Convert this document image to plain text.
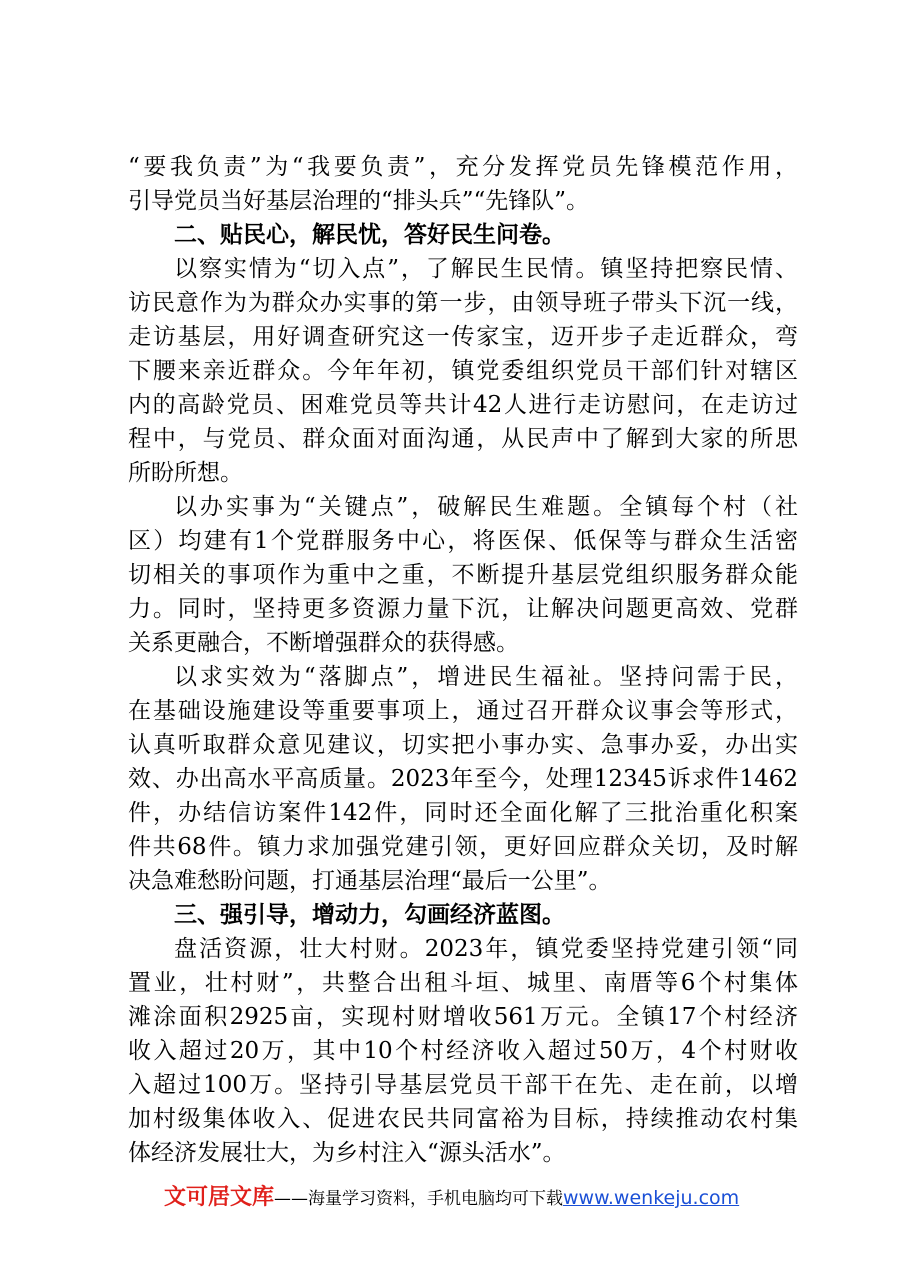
“要我负责”为“我要负责”，充分发挥党员先锋模范作用，
引导党员当好基层治理的“排头兵”“先锋队”。
二、贴民心，解民忧，答好民生问卷。
以察实情为“切入点”，了解民生民情。镇坚持把察民情、
访民意作为为群众办实事的第一步，由领导班子带头下沉一线，
走访基层，用好调查研究这一传家宝，迈开步子走近群众，弯
下腰来亲近群众。今年年初，镇党委组织党员干部们针对辖区
内的高龄党员、困难党员等共计42人进行走访慰问，在走访过
程中，与党员、群众面对面沟通，从民声中了解到大家的所思
所盼所想。
以办实事为“关键点”，破解民生难题。全镇每个村（社
区）均建有1个党群服务中心，将医保、低保等与群众生活密
切相关的事项作为重中之重，不断提升基层党组织服务群众能
力。同时，坚持更多资源力量下沉，让解决问题更高效、党群
关系更融合，不断增强群众的获得感。
以求实效为“落脚点”，增进民生福祉。坚持问需于民，
在基础设施建设等重要事项上，通过召开群众议事会等形式，
认真听取群众意见建议，切实把小事办实、急事办妥，办出实
效、办出高水平高质量。2023年至今，处理12345诉求件1462
件，办结信访案件142件，同时还全面化解了三批治重化积案
件共68件。镇力求加强党建引领，更好回应群众关切，及时解
决急难愁盼问题，打通基层治理“最后一公里”。
三、强引导，增动力，勾画经济蓝图。
盘活资源，壮大村财。2023年，镇党委坚持党建引领“同
置业，壮村财”，共整合出租斗垣、城里、南厝等6个村集体
滩涂面积2925亩，实现村财增收561万元。全镇17个村经济
收入超过20万，其中10个村经济收入超过50万，4个村财收
入超过100万。坚持引导基层党员干部干在先、走在前，以增
加村级集体收入、促进农民共同富裕为目标，持续推动农村集
体经济发展壮大，为乡村注入“源头活水”。
文可居文库——海量学习资料，手机电脑均可下载www.wenkeju.com
